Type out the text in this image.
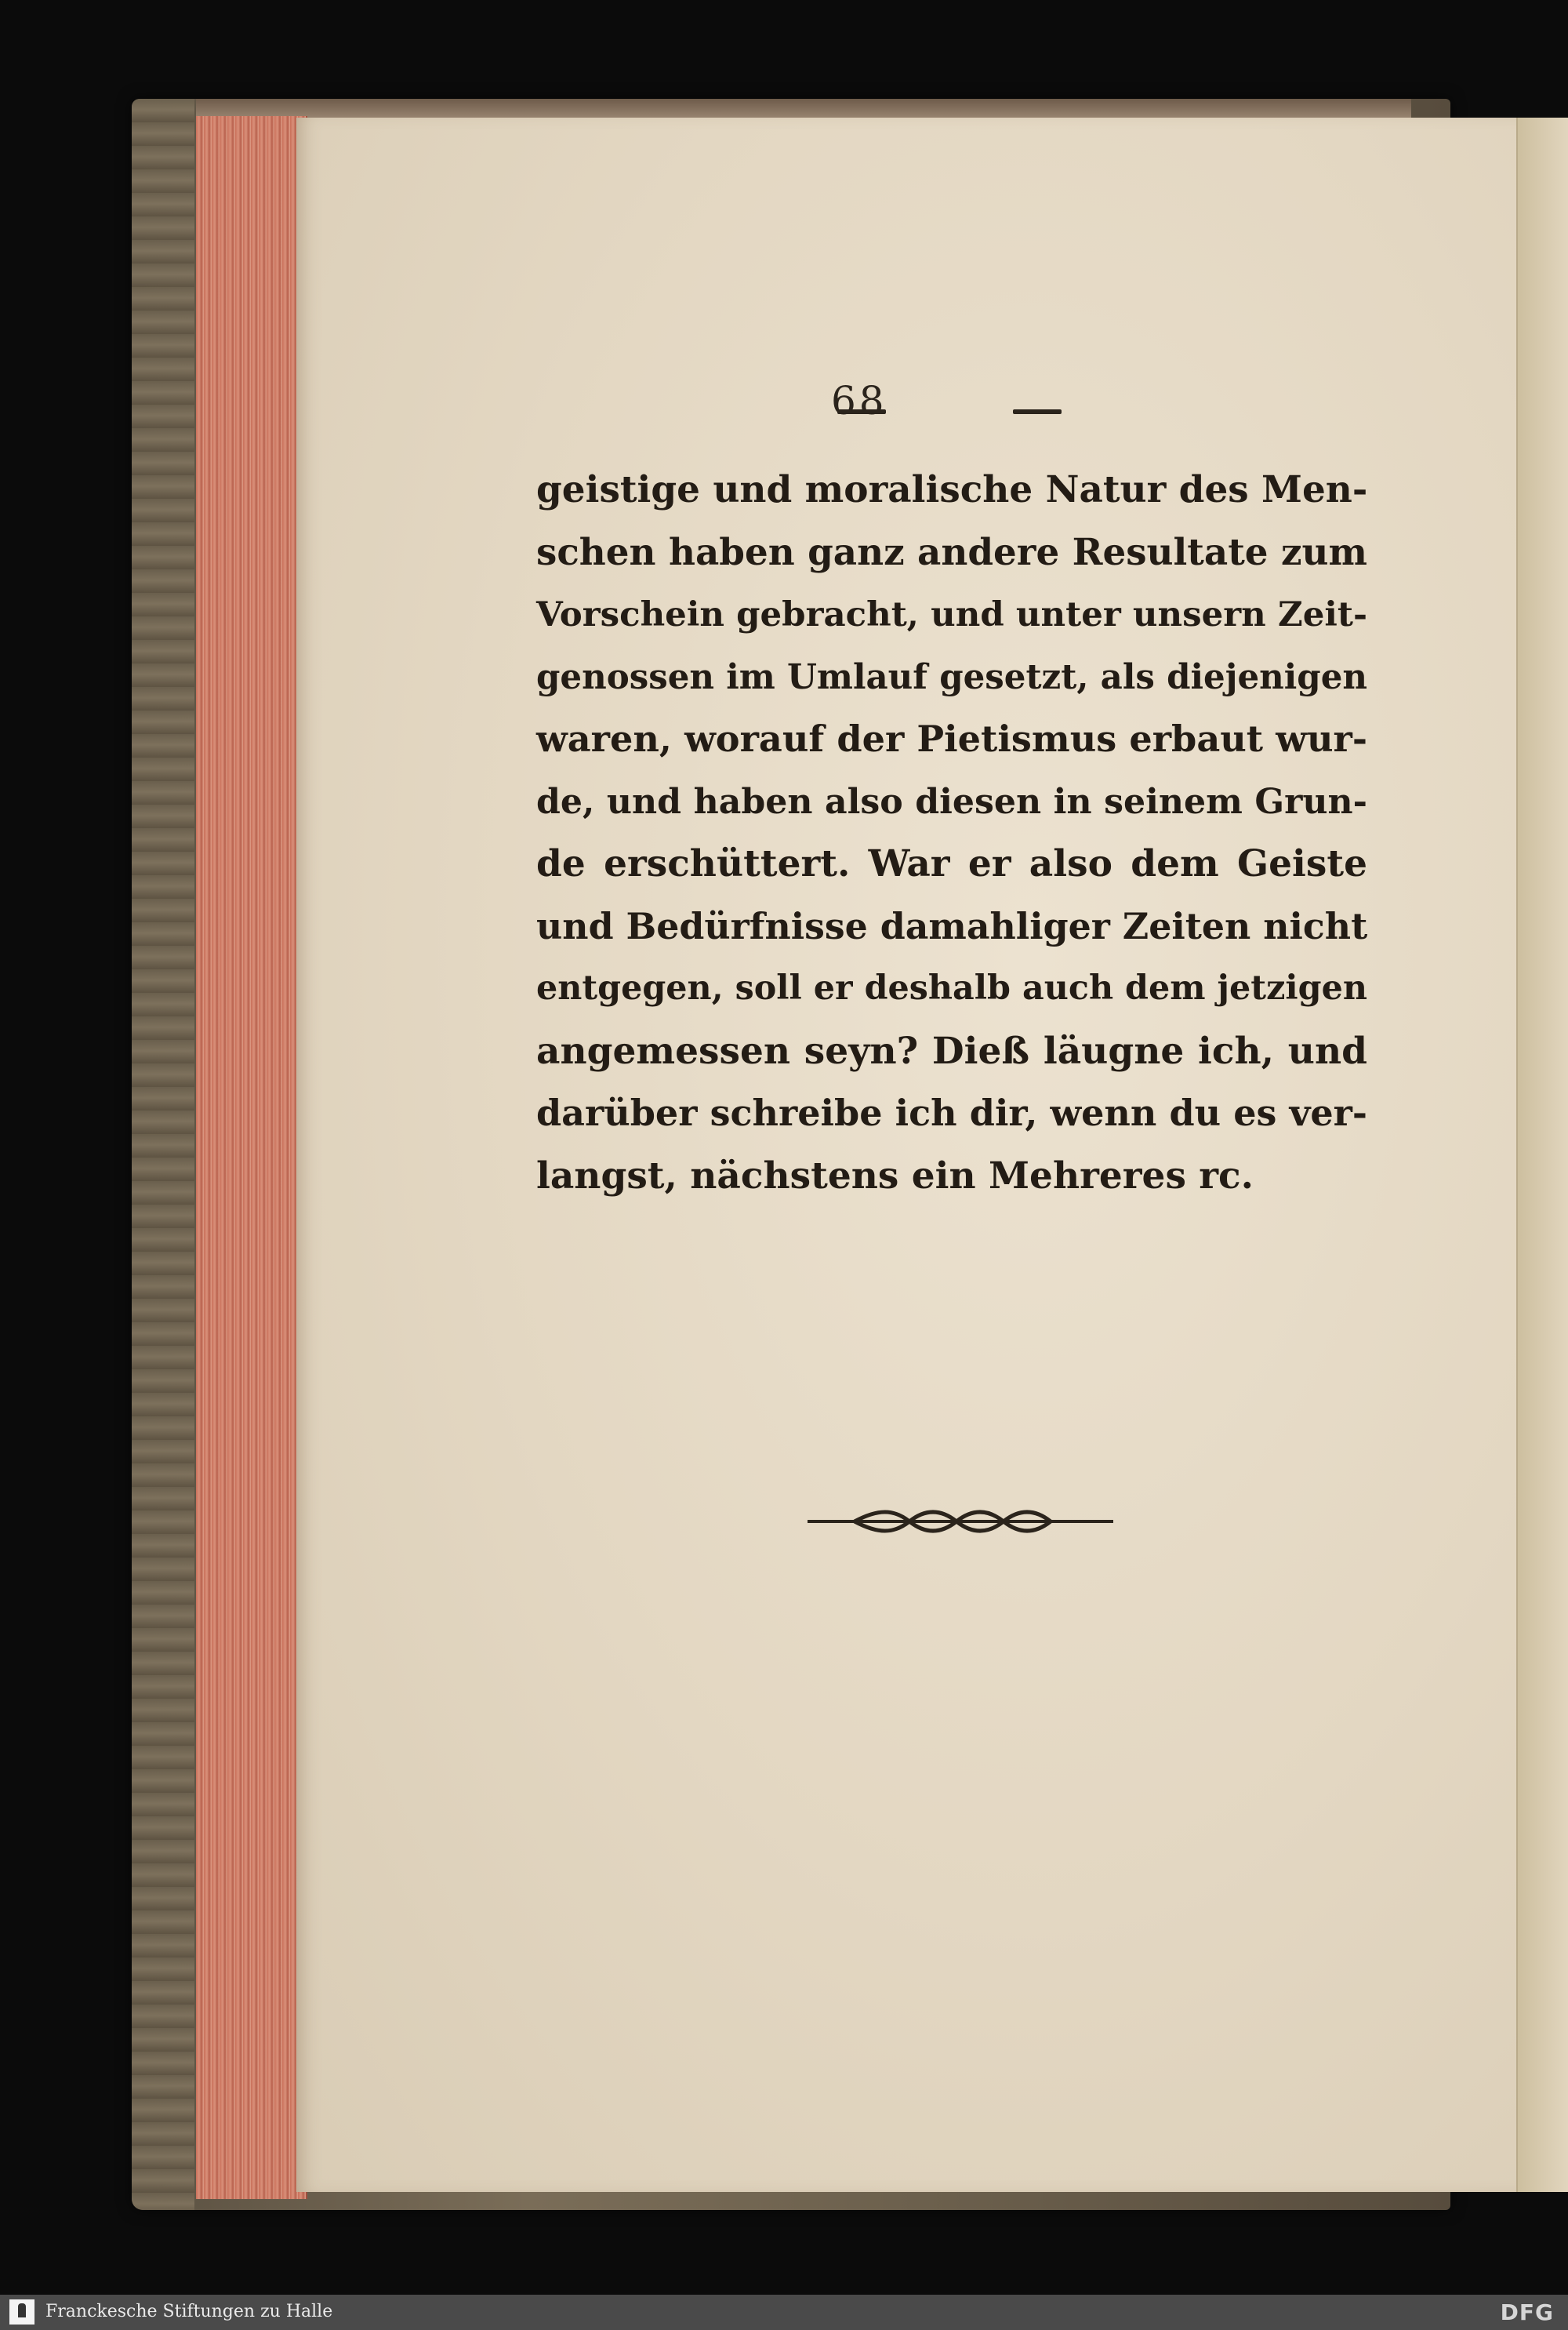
68
geistige und moralische Natur des Men-
schen haben ganz andere Resultate zum
Vorschein gebracht, und unter unsern Zeit-
genossen im Umlauf gesetzt, als diejenigen
waren, worauf der Pietismus erbaut wur-
de, und haben also diesen in seinem Grun-
de erschüttert. War er also dem Geiste
und Bedürfnisse damahliger Zeiten nicht
entgegen, soll er deshalb auch dem jetzigen
angemessen seyn? Dieß läugne ich, und
darüber schreibe ich dir, wenn du es ver-
langst, nächstens ein Mehreres rc.
Franckesche Stiftungen zu Halle	DFG
